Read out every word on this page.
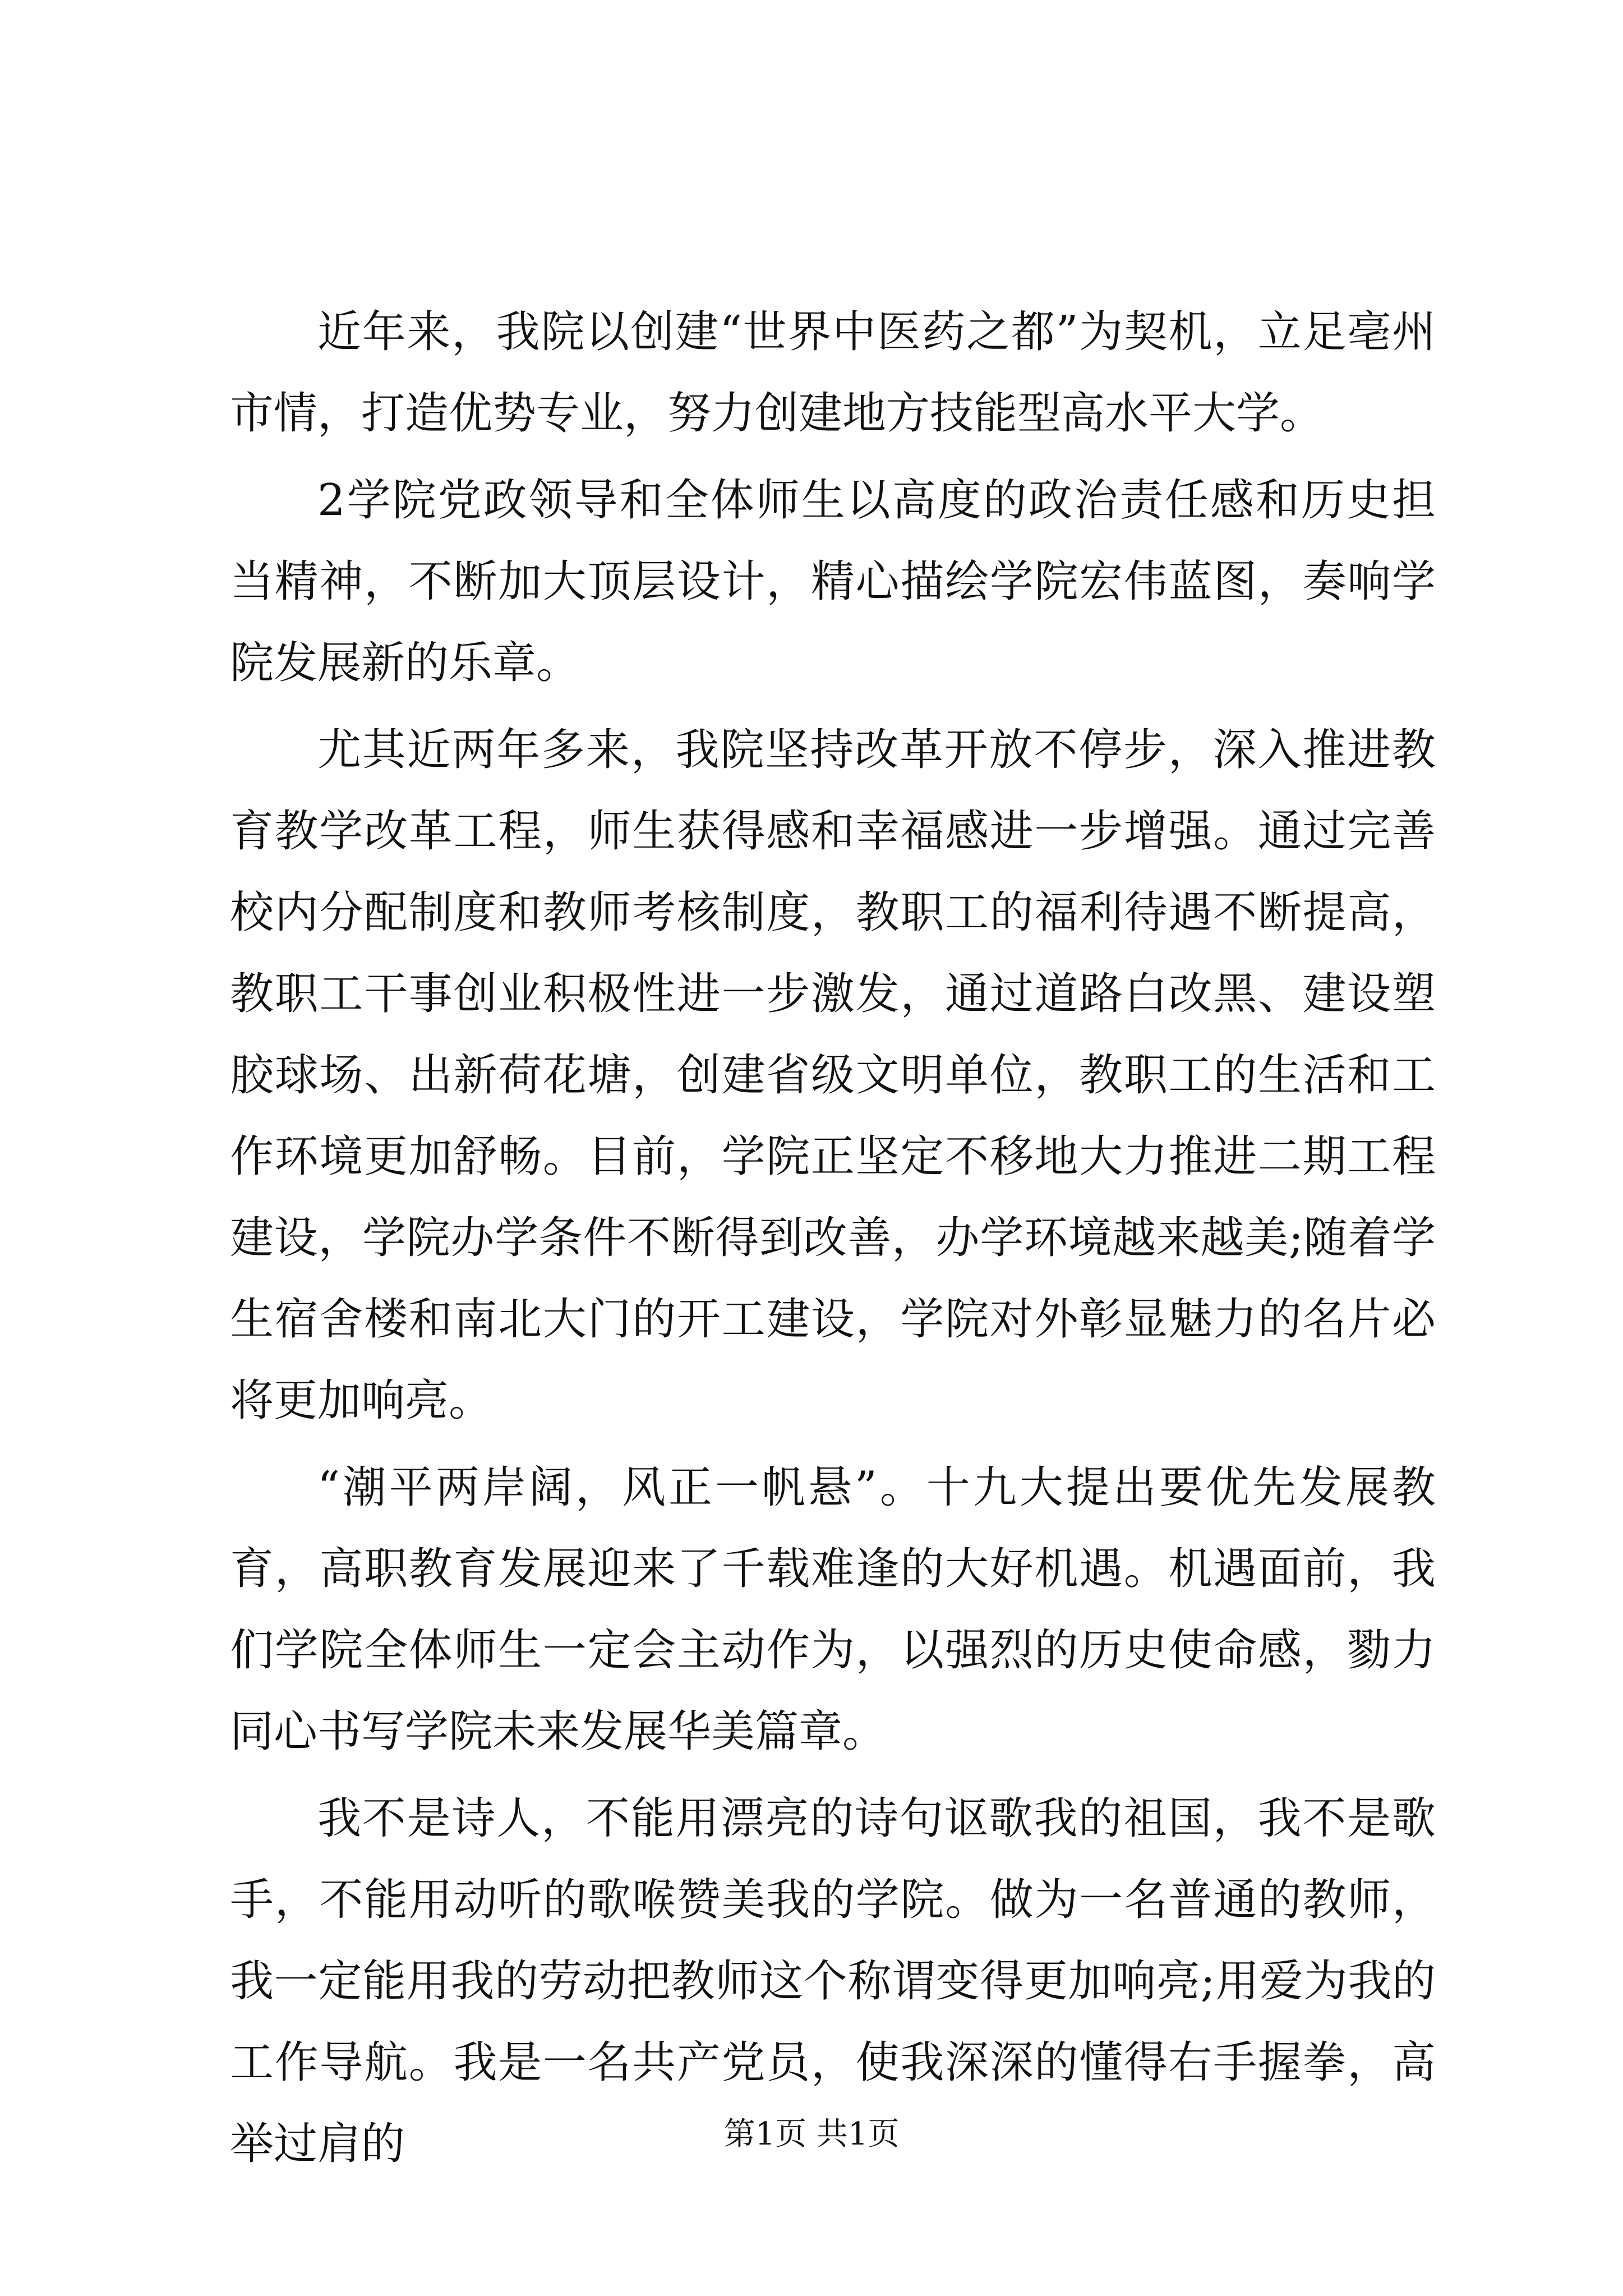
近年来，我院以创建“世界中医药之都”为契机，立足亳州市情，打造优势专业，努力创建地方技能型高水平大学。

2学院党政领导和全体师生以高度的政治责任感和历史担当精神，不断加大顶层设计，精心描绘学院宏伟蓝图，奏响学院发展新的乐章。

尤其近两年多来，我院坚持改革开放不停步，深入推进教育教学改革工程，师生获得感和幸福感进一步增强。通过完善校内分配制度和教师考核制度，教职工的福利待遇不断提高，教职工干事创业积极性进一步激发，通过道路白改黑、建设塑胶球场、出新荷花塘，创建省级文明单位，教职工的生活和工作环境更加舒畅。目前，学院正坚定不移地大力推进二期工程建设，学院办学条件不断得到改善，办学环境越来越美;随着学生宿舍楼和南北大门的开工建设，学院对外彰显魅力的名片必将更加响亮。

“潮平两岸阔，风正一帆悬”。十九大提出要优先发展教育，高职教育发展迎来了千载难逢的大好机遇。机遇面前，我们学院全体师生一定会主动作为，以强烈的历史使命感，勠力同心书写学院未来发展华美篇章。

我不是诗人，不能用漂亮的诗句讴歌我的祖国，我不是歌手，不能用动听的歌喉赞美我的学院。做为一名普通的教师，我一定能用我的劳动把教师这个称谓变得更加响亮;用爱为我的工作导航。我是一名共产党员，使我深深的懂得右手握拳，高举过肩的	第1页 共1页
